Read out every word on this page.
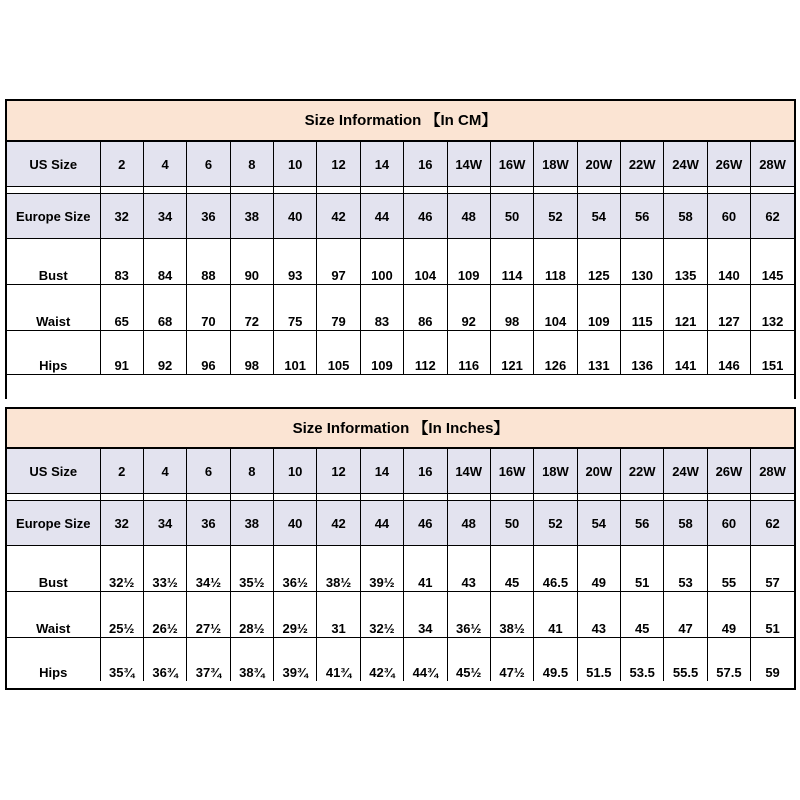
Size Information 【In CM】
US Size	2	4	6	8	10	12	14	16	14W	16W	18W	20W	22W	24W	26W	28W

Europe Size	32	34	36	38	40	42	44	46	48	50	52	54	56	58	60	62
Bust	83	84	88	90	93	97	100	104	109	114	118	125	130	135	140	145
Waist	65	68	70	72	75	79	83	86	92	98	104	109	115	121	127	132
Hips	91	92	96	98	101	105	109	112	116	121	126	131	136	141	146	151

Size Information 【In Inches】
US Size	2	4	6	8	10	12	14	16	14W	16W	18W	20W	22W	24W	26W	28W

Europe Size	32	34	36	38	40	42	44	46	48	50	52	54	56	58	60	62
Bust	32½	33½	34½	35½	36½	38½	39½	41	43	45	46.5	49	51	53	55	57
Waist	25½	26½	27½	28½	29½	31	32½	34	36½	38½	41	43	45	47	49	51
Hips	35¾	36¾	37¾	38¾	39¾	41¾	42¾	44¾	45½	47½	49.5	51.5	53.5	55.5	57.5	59
